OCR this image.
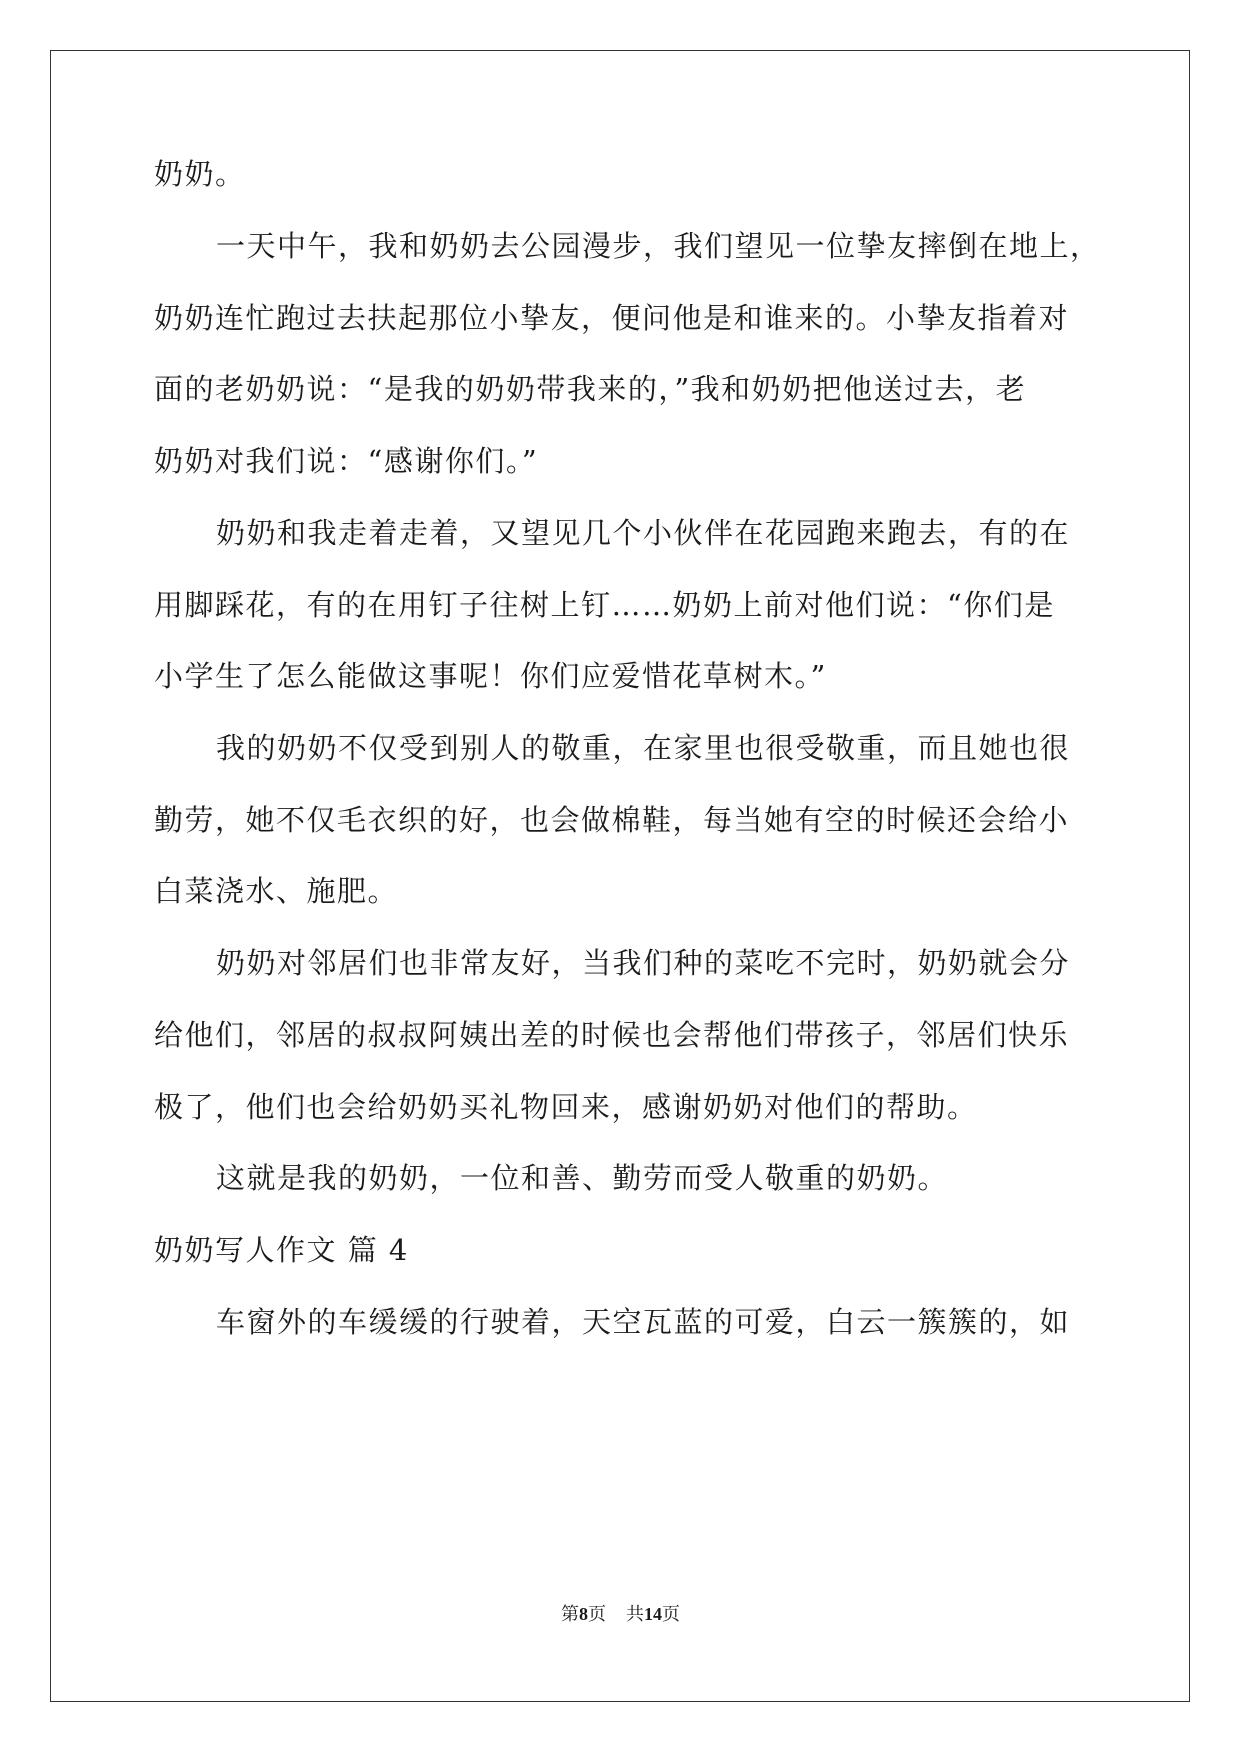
奶奶。
一天中午，我和奶奶去公园漫步，我们望见一位挚友摔倒在地上，
奶奶连忙跑过去扶起那位小挚友，便问他是和谁来的。小挚友指着对
面的老奶奶说：“是我的奶奶带我来的，”我和奶奶把他送过去，老
奶奶对我们说：“感谢你们。”
奶奶和我走着走着，又望见几个小伙伴在花园跑来跑去，有的在
用脚踩花，有的在用钉子往树上钉……奶奶上前对他们说：“你们是
小学生了怎么能做这事呢！你们应爱惜花草树木。”
我的奶奶不仅受到别人的敬重，在家里也很受敬重，而且她也很
勤劳，她不仅毛衣织的好，也会做棉鞋，每当她有空的时候还会给小
白菜浇水、施肥。
奶奶对邻居们也非常友好，当我们种的菜吃不完时，奶奶就会分
给他们，邻居的叔叔阿姨出差的时候也会帮他们带孩子，邻居们快乐
极了，他们也会给奶奶买礼物回来，感谢奶奶对他们的帮助。
这就是我的奶奶，一位和善、勤劳而受人敬重的奶奶。
奶奶写人作文 篇 4
车窗外的车缓缓的行驶着，天空瓦蓝的可爱，白云一簇簇的，如
第8页 共14页
